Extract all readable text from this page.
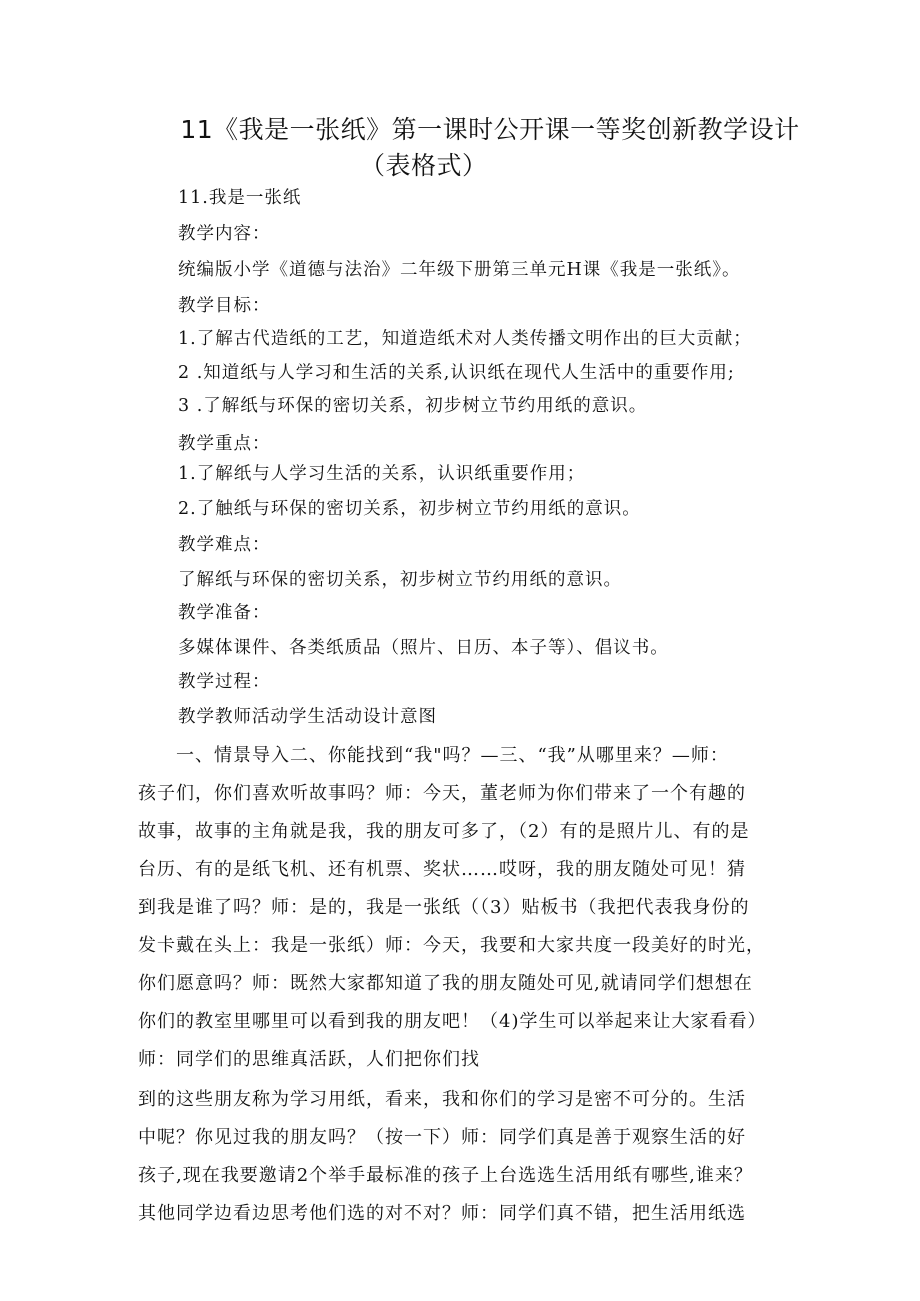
11《我是一张纸》第一课时公开课一等奖创新教学设计
（表格式）
11.我是一张纸
教学内容：
统编版小学《道德与法治》二年级下册第三单元H课《我是一张纸》。
教学目标：
1.了解古代造纸的工艺，知道造纸术对人类传播文明作出的巨大贡献；
2 .知道纸与人学习和生活的关系,认识纸在现代人生活中的重要作用;
3 .了解纸与环保的密切关系，初步树立节约用纸的意识。
教学重点：
1.了解纸与人学习生活的关系，认识纸重要作用；
2.了触纸与环保的密切关系，初步树立节约用纸的意识。
教学难点：
了解纸与环保的密切关系，初步树立节约用纸的意识。
教学准备：
多媒体课件、各类纸质品（照片、日历、本子等）、倡议书。
教学过程：
教学教师活动学生活动设计意图
一、情景导入二、你能找到“我"吗？—三、“我”从哪里来？—师：
孩子们，你们喜欢听故事吗？师：今天，董老师为你们带来了一个有趣的
故事，故事的主角就是我，我的朋友可多了，（2）有的是照片儿、有的是
台历、有的是纸飞机、还有机票、奖状……哎呀，我的朋友随处可见！猜
到我是谁了吗？师：是的，我是一张纸（（3）贴板书（我把代表我身份的
发卡戴在头上：我是一张纸）师：今天，我要和大家共度一段美好的时光，
你们愿意吗？师：既然大家都知道了我的朋友随处可见,就请同学们想想在
你们的教室里哪里可以看到我的朋友吧！（4)学生可以举起来让大家看看）
师：同学们的思维真活跃，人们把你们找
到的这些朋友称为学习用纸，看来，我和你们的学习是密不可分的。生活
中呢？你见过我的朋友吗？（按一下）师：同学们真是善于观察生活的好
孩子,现在我要邀请2个举手最标准的孩子上台选选生活用纸有哪些,谁来？
其他同学边看边思考他们选的对不对？师：同学们真不错，把生活用纸选
